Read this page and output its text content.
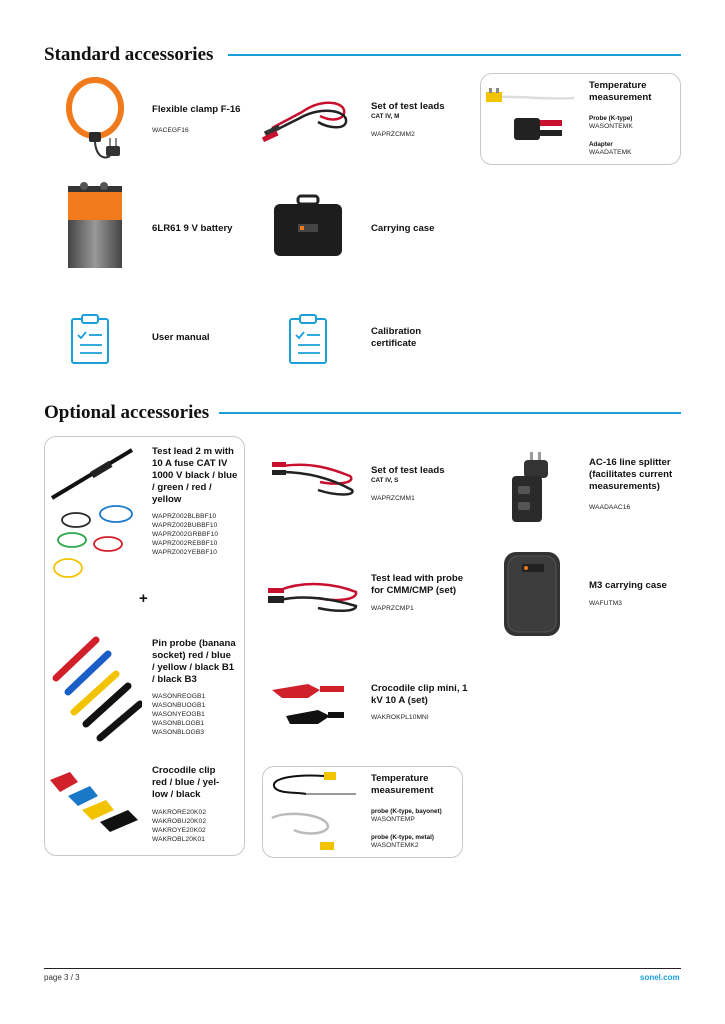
Standard accessories
Flexible clamp F-16
WACEGF16
Set of test leads
CAT IV, M
WAPRZCMM2
Temperature measurement
Probe (K-type)
WASONTEMK
Adapter
WAADATEMK
6LR61 9 V battery	Carrying case
User manual
Calibration certificate
Optional accessories
Test lead 2 m with 10 A fuse CAT IV 1000 V black / blue / green / red / yellow
WAPRZ002BLBBF10
WAPRZ002BUBBF10
WAPRZ002GRBBF10
WAPRZ002REBBF10
WAPRZ002YEBBF10
+
Pin probe (banana socket) red / blue / yellow / black B1 / black B3
WASONREOGB1
WASONBUOGB1
WASONYEOGB1
WASONBLOGB1
WASONBLOGB3
Crocodile clip red / blue / yel-low / black
WAKRORE20K02
WAKROBU20K02
WAKROYE20K02
WAKROBL20K01
Set of test leads
CAT IV, S
WAPRZCMM1
Test lead with probe for CMM/CMP (set)
WAPRZCMP1
Crocodile clip mini, 1 kV 10 A (set)
WAKROKPL10MNI
Temperature measurement
probe (K-type, bayonet)
WASONTEMP
probe (K-type, metal)
WASONTEMK2
AC-16 line splitter (facilitates current measurements)
WAADAAC16
M3 carrying case
WAFUTM3
page 3 / 3	sonel.com
